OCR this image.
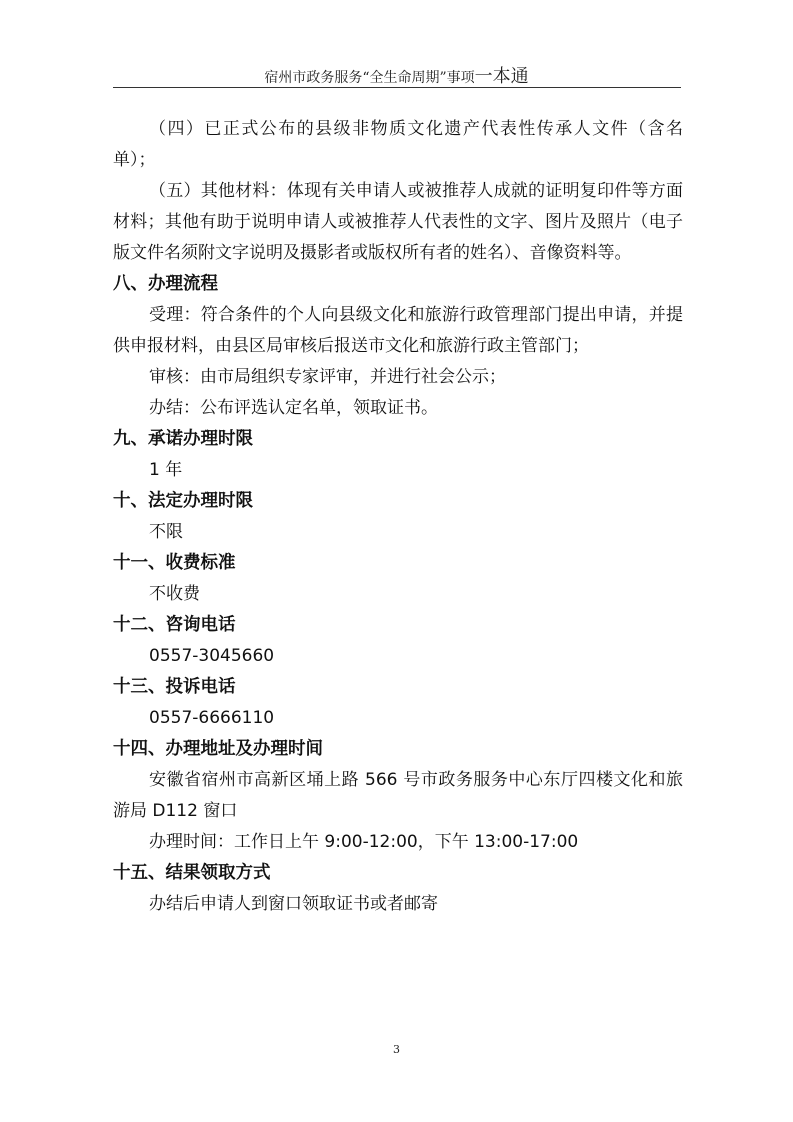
宿州市政务服务“全生命周期”事项一本通

（四）已正式公布的县级非物质文化遗产代表性传承人文件（含名单）；

（五）其他材料：体现有关申请人或被推荐人成就的证明复印件等方面材料；其他有助于说明申请人或被推荐人代表性的文字、图片及照片（电子版文件名须附文字说明及摄影者或版权所有者的姓名）、音像资料等。

八、办理流程

受理：符合条件的个人向县级文化和旅游行政管理部门提出申请，并提供申报材料，由县区局审核后报送市文化和旅游行政主管部门；

审核：由市局组织专家评审，并进行社会公示；

办结：公布评选认定名单，领取证书。

九、承诺办理时限

1 年

十、法定办理时限

不限

十一、收费标准

不收费

十二、咨询电话

0557-3045660

十三、投诉电话

0557-6666110

十四、办理地址及办理时间

安徽省宿州市高新区埇上路 566 号市政务服务中心东厅四楼文化和旅游局 D112 窗口

办理时间：工作日上午 9:00-12:00，下午 13:00-17:00

十五、结果领取方式

办结后申请人到窗口领取证书或者邮寄

3
